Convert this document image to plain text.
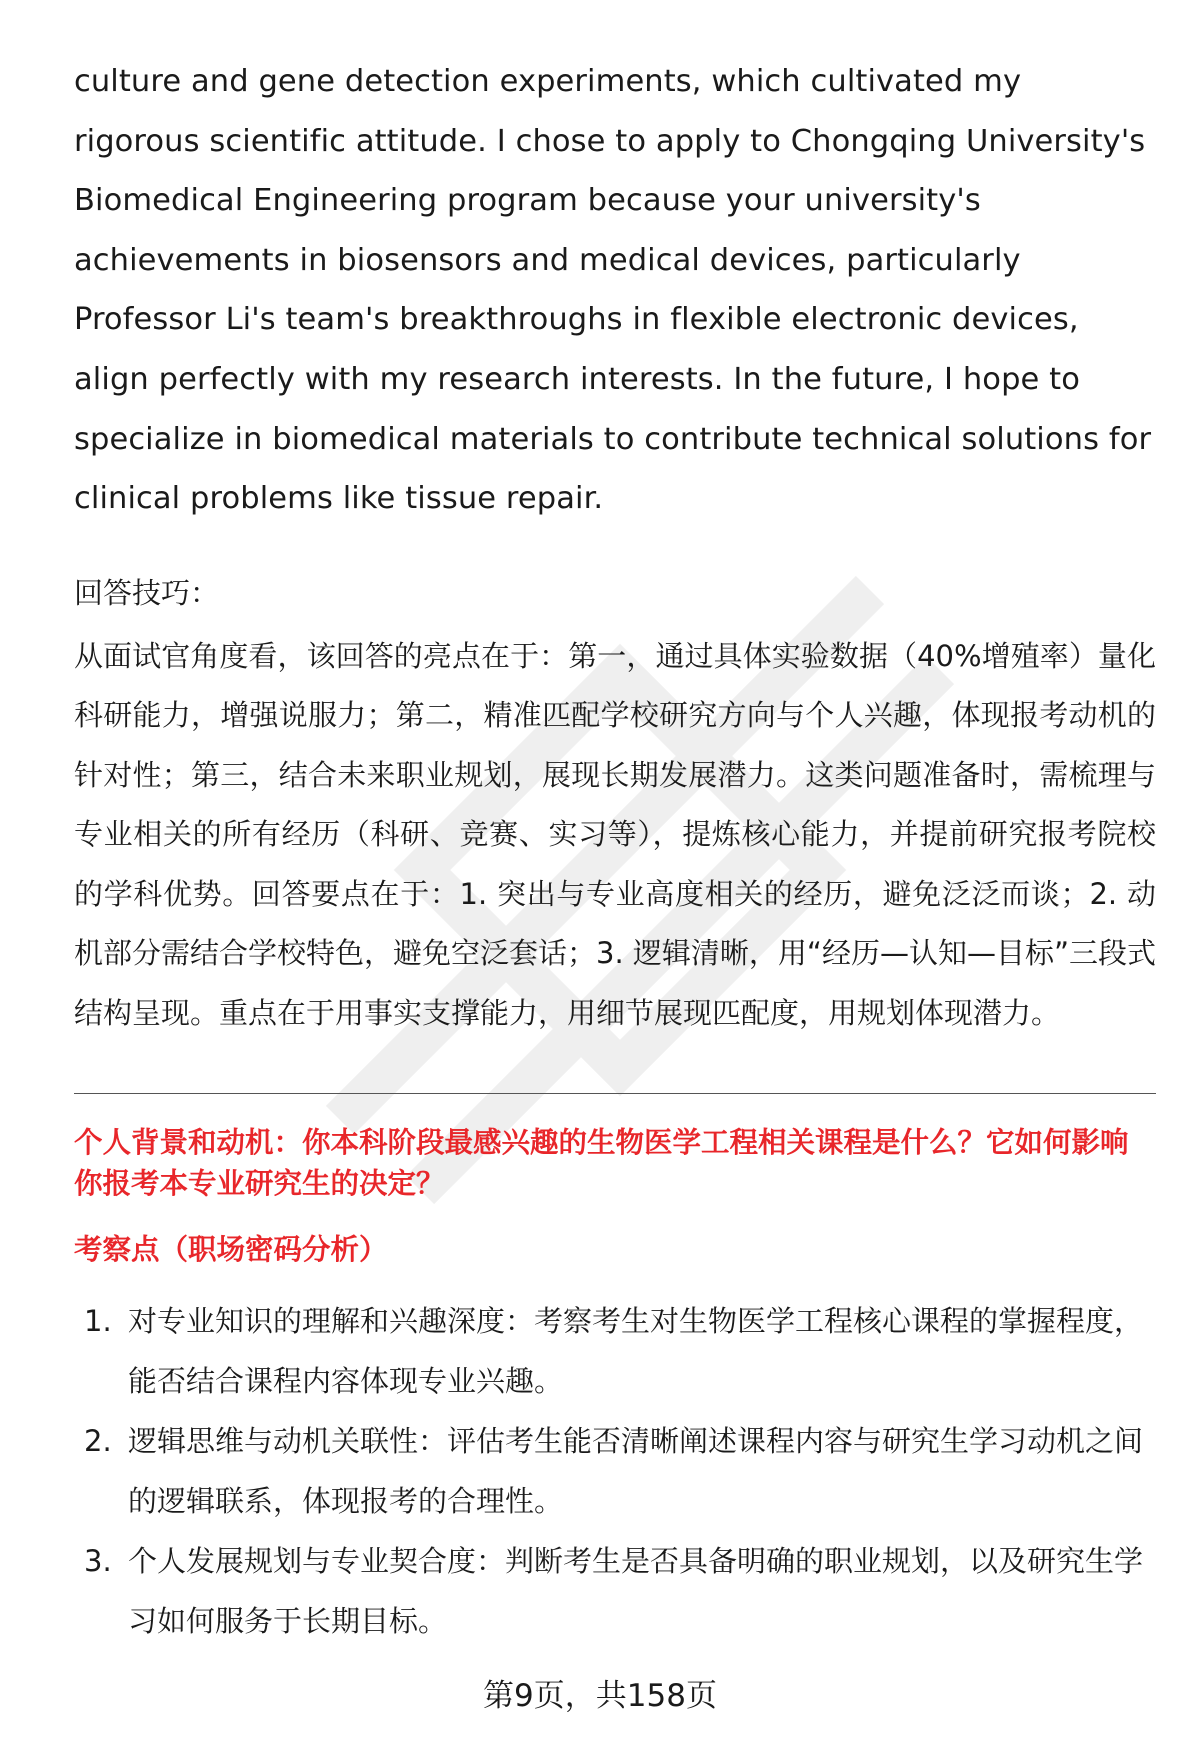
culture and gene detection experiments, which cultivated my rigorous scientific attitude. I chose to apply to Chongqing University's Biomedical Engineering program because your university's achievements in biosensors and medical devices, particularly Professor Li's team's breakthroughs in flexible electronic devices, align perfectly with my research interests. In the future, I hope to specialize in biomedical materials to contribute technical solutions for clinical problems like tissue repair.

回答技巧：

从面试官角度看，该回答的亮点在于：第一，通过具体实验数据（40%增殖率）量化科研能力，增强说服力；第二，精准匹配学校研究方向与个人兴趣，体现报考动机的针对性；第三，结合未来职业规划，展现长期发展潜力。这类问题准备时，需梳理与专业相关的所有经历（科研、竞赛、实习等），提炼核心能力，并提前研究报考院校的学科优势。回答要点在于：1. 突出与专业高度相关的经历，避免泛泛而谈；2. 动机部分需结合学校特色，避免空泛套话；3. 逻辑清晰，用“经历—认知—目标”三段式结构呈现。重点在于用事实支撑能力，用细节展现匹配度，用规划体现潜力。

个人背景和动机：你本科阶段最感兴趣的生物医学工程相关课程是什么？它如何影响你报考本专业研究生的决定？

考察点（职场密码分析）
1. 对专业知识的理解和兴趣深度：考察考生对生物医学工程核心课程的掌握程度，能否结合课程内容体现专业兴趣。
2. 逻辑思维与动机关联性：评估考生能否清晰阐述课程内容与研究生学习动机之间的逻辑联系，体现报考的合理性。
3. 个人发展规划与专业契合度：判断考生是否具备明确的职业规划，以及研究生学习如何服务于长期目标。
第9页，共158页
